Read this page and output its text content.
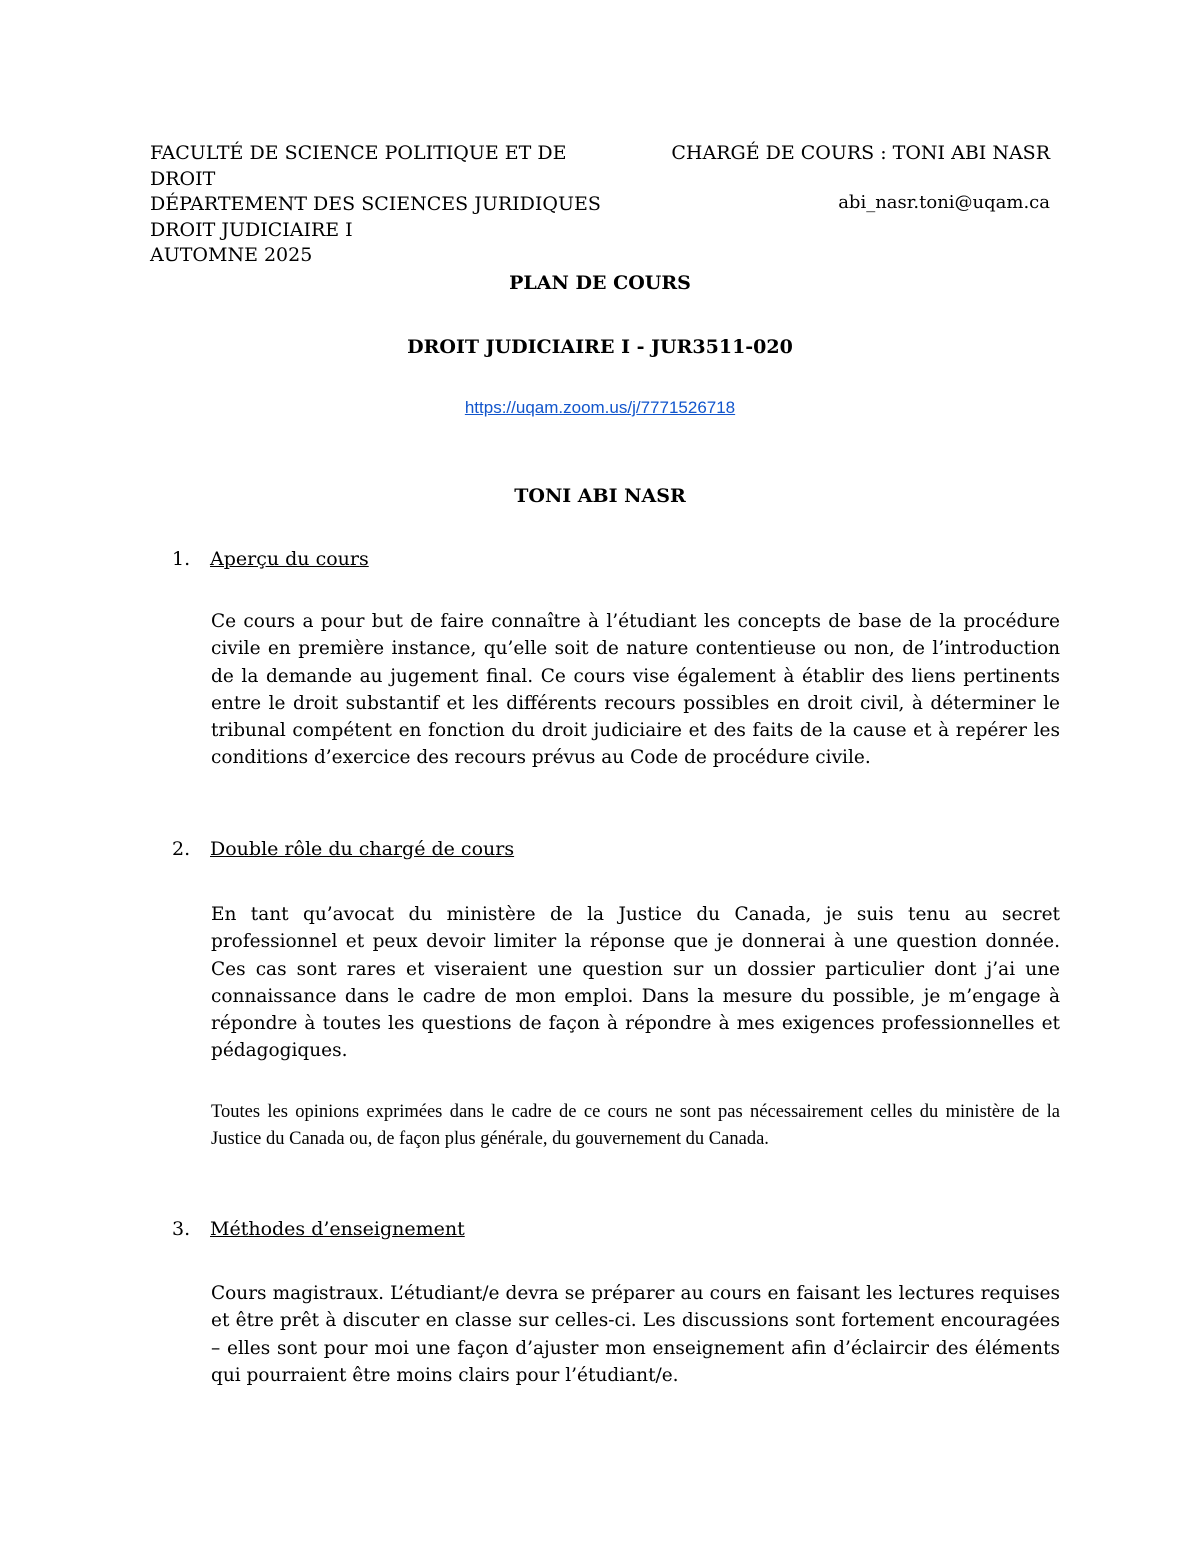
FACULTÉ DE SCIENCE POLITIQUE ET DE
DROIT
DÉPARTEMENT DES SCIENCES JURIDIQUES
DROIT JUDICIAIRE I
AUTOMNE 2025
CHARGÉ DE COURS : TONI ABI NASR
abi_nasr.toni@uqam.ca
PLAN DE COURS
DROIT JUDICIAIRE I - JUR3511-020
https://uqam.zoom.us/j/7771526718
TONI ABI NASR
1. Aperçu du cours
Ce cours a pour but de faire connaître à l’étudiant les concepts de base de la procédure civile en première instance, qu’elle soit de nature contentieuse ou non, de l’introduction de la demande au jugement final. Ce cours vise également à établir des liens pertinents entre le droit substantif et les différents recours possibles en droit civil, à déterminer le tribunal compétent en fonction du droit judiciaire et des faits de la cause et à repérer les conditions d’exercice des recours prévus au Code de procédure civile.
2. Double rôle du chargé de cours
En tant qu’avocat du ministère de la Justice du Canada, je suis tenu au secret professionnel et peux devoir limiter la réponse que je donnerai à une question donnée. Ces cas sont rares et viseraient une question sur un dossier particulier dont j’ai une connaissance dans le cadre de mon emploi. Dans la mesure du possible, je m’engage à répondre à toutes les questions de façon à répondre à mes exigences professionnelles et pédagogiques.
Toutes les opinions exprimées dans le cadre de ce cours ne sont pas nécessairement celles du ministère de la Justice du Canada ou, de façon plus générale, du gouvernement du Canada.
3. Méthodes d’enseignement
Cours magistraux. L’étudiant/e devra se préparer au cours en faisant les lectures requises et être prêt à discuter en classe sur celles-ci. Les discussions sont fortement encouragées – elles sont pour moi une façon d’ajuster mon enseignement afin d’éclaircir des éléments qui pourraient être moins clairs pour l’étudiant/e.
